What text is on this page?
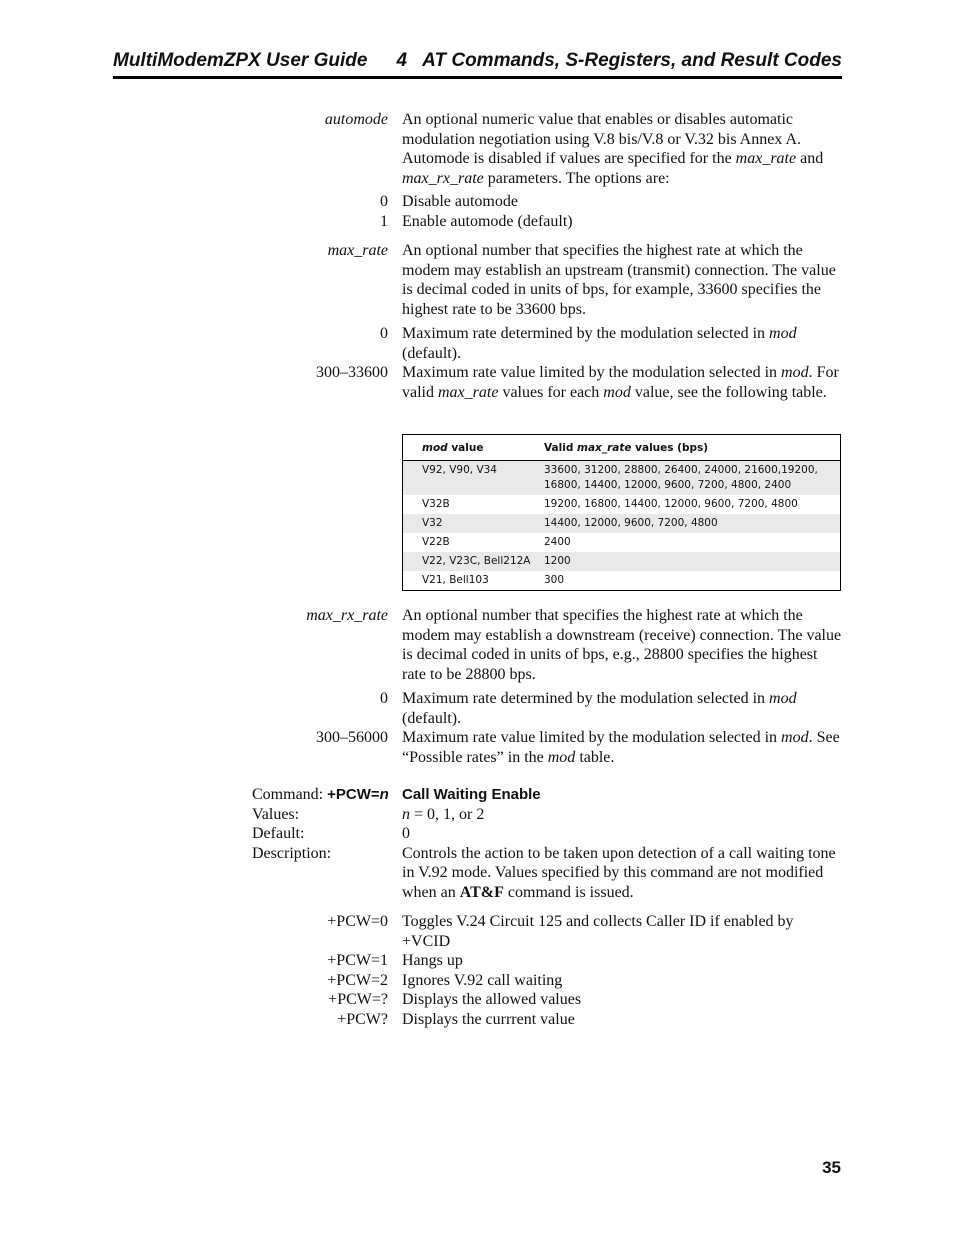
MultiModemZPX User Guide 4   AT Commands, S-Registers, and Result Codes
automode An optional numeric value that enables or disables automatic modulation negotiation using V.8 bis/V.8 or V.32 bis Annex A. Automode is disabled if values are specified for the max_rate and max_rx_rate parameters. The options are:
0 Disable automode
1 Enable automode (default)
max_rate An optional number that specifies the highest rate at which the modem may establish an upstream (transmit) connection. The value is decimal coded in units of bps, for example, 33600 specifies the highest rate to be 33600 bps.
0 Maximum rate determined by the modulation selected in mod (default).
300–33600 Maximum rate value limited by the modulation selected in mod. For valid max_rate values for each mod value, see the following table.
mod value	Valid max_rate values (bps)
V92, V90, V34	33600, 31200, 28800, 26400, 24000, 21600,19200, 16800, 14400, 12000, 9600, 7200, 4800, 2400
V32B	19200, 16800, 14400, 12000, 9600, 7200, 4800
V32	14400, 12000, 9600, 7200, 4800
V22B	2400
V22, V23C, Bell212A	1200
V21, Bell103	300
max_rx_rate An optional number that specifies the highest rate at which the modem may establish a downstream (receive) connection. The value is decimal coded in units of bps, e.g., 28800 specifies the highest rate to be 28800 bps.
0 Maximum rate determined by the modulation selected in mod (default).
300–56000 Maximum rate value limited by the modulation selected in mod. See “Possible rates” in the mod table.
Command: +PCW=n Call Waiting Enable
Values:	n = 0, 1, or 2
Default:	0
Description:	Controls the action to be taken upon detection of a call waiting tone in V.92 mode. Values specified by this command are not modified when an AT&F command is issued.
+PCW=0 Toggles V.24 Circuit 125 and collects Caller ID if enabled by +VCID
+PCW=1 Hangs up
+PCW=2 Ignores V.92 call waiting
+PCW=? Displays the allowed values
+PCW? Displays the currrent value
35
